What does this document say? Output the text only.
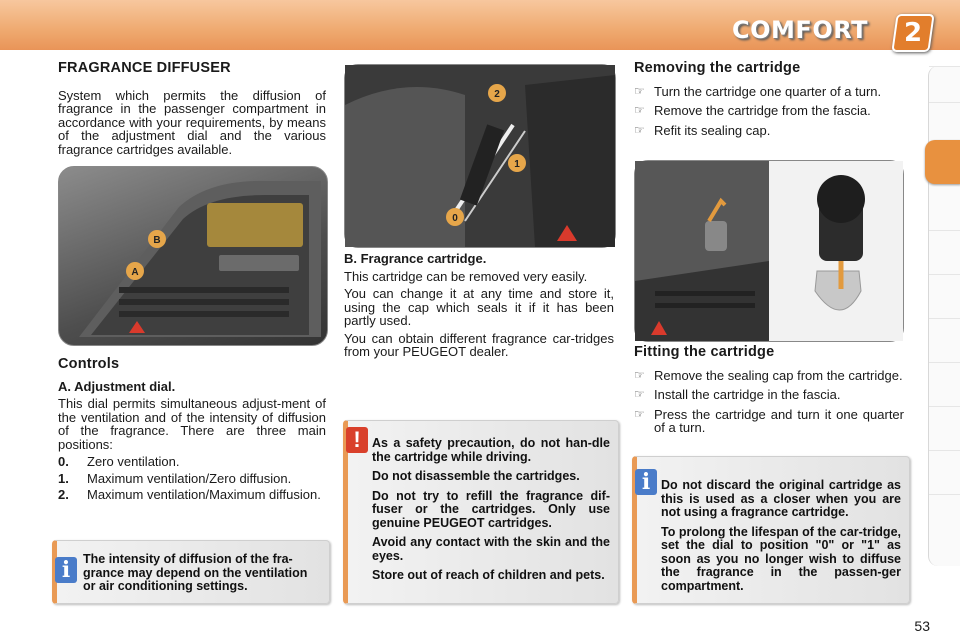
COMFORT	2
FRAGRANCE DIFFUSER

System which permits the diffusion of fragrance in the passenger compartment in accordance with your requirements, by means of the adjustment dial and the various fragrance cartridges available.

B
A
Controls
A. Adjustment dial.

This dial permits simultaneous adjust-ment of the ventilation and of the intensity of diffusion of the fragrance. There are three main positions:

0.	Zero ventilation.
1.	Maximum ventilation/Zero diffusion.
2.	Maximum ventilation/Maximum diffusion.
i	The intensity of diffusion of the fra-grance may depend on the ventilation or air conditioning settings.
2
1
0
B. Fragrance cartridge.

This cartridge can be removed very easily.

You can change it at any time and store it, using the cap which seals it if it has been partly used.

You can obtain different fragrance car-tridges from your PEUGEOT dealer.

! As a safety precaution, do not han-dle the cartridge while driving.
Do not disassemble the cartridges.
Do not try to refill the fragrance dif-fuser or the cartridges. Only use genuine PEUGEOT cartridges.
Avoid any contact with the skin and the eyes.
Store out of reach of children and pets.
Removing the cartridge
☞ Turn the cartridge one quarter of a turn.
☞ Remove the cartridge from the fascia.
☞ Refit its sealing cap.
Fitting the cartridge
☞ Remove the sealing cap from the cartridge.
☞ Install the cartridge in the fascia.
☞ Press the cartridge and turn it one quarter of a turn.
i Do not discard the original cartridge as this is used as a closer when you are not using a fragrance cartridge.
To prolong the lifespan of the car-tridge, set the dial to position "0" or "1" as soon as you no longer wish to diffuse the fragrance in the passen-ger compartment.
53
